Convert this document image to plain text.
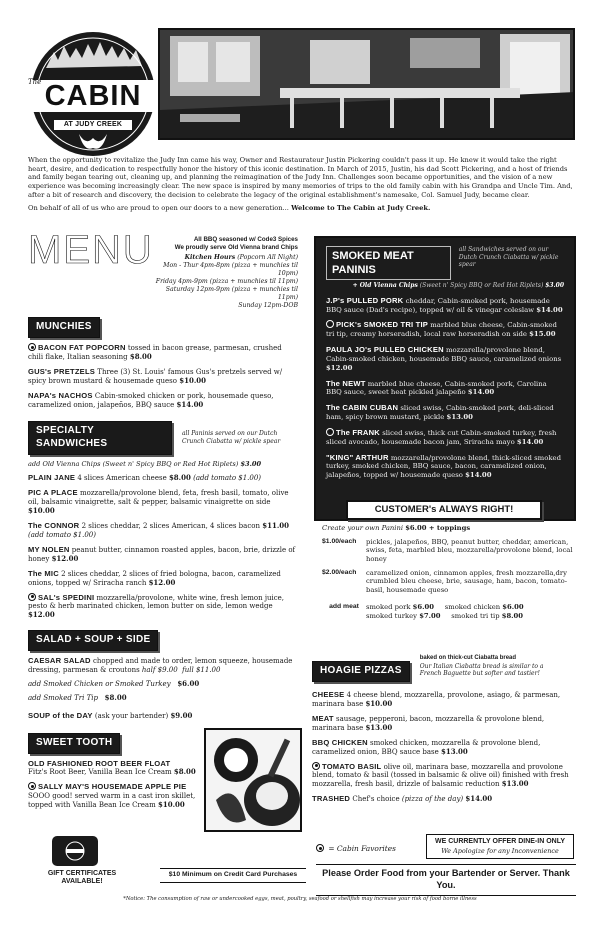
CABIN
The
AT JUDY CREEK

When the opportunity to revitalize the Judy Inn came his way, Owner and Restaurateur Justin Pickering couldn't pass it up. He knew it would take the right heart, desire, and dedication to respectfully honor the history of this iconic destination. In March of 2015, Justin, his dad Scott Pickering, and a host of friends and family began tearing out, cleaning up, and planning the reimagination of the Judy Inn. Challenges soon became opportunities, and the vision of a new experience was becoming increasingly clear. The new space is inspired by many memories of trips to the old family cabin with his Grandpa and Uncle Tim. And, after a bit of research and discovery, the decision to celebrate the legacy of the original establishment's namesake, Col. Samuel Judy, became clear.

On behalf of all of us who are proud to open our doors to a new generation... Welcome to The Cabin at Judy Creek.

MENU	All BBQ seasoned w/ Code3 Spices
We proudly serve Old Vienna brand Chips
Kitchen Hours (Popcorn All Night)
Mon - Thur 4pm-8pm (pizza + munchies til 10pm)
Friday 4pm-9pm (pizza + munchies til 11pm)
Saturday 12pm-9pm (pizza + munchies til 11pm)
Sunday 12pm-DOB
MUNCHIES
BACON FAT POPCORN tossed in bacon grease, parmesan, crushed chili flake, Italian seasoning $8.00
GUS's PRETZELS Three (3) St. Louis' famous Gus's pretzels served w/ spicy brown mustard & housemade queso $10.00
NAPA's NACHOS Cabin-smoked chicken or pork, housemade queso, caramelized onion, jalapeños, BBQ sauce $14.00
SPECIALTY SANDWICHES
all Paninis served on our Dutch Crunch Ciabatta w/ pickle spear
add Old Vienna Chips (Sweet n' Spicy BBQ or Red Hot Riplets) $3.00
PLAIN JANE 4 slices American cheese $8.00 (add tomato $1.00)
PIC A PLACE mozzarella/provolone blend, feta, fresh basil, tomato, olive oil, balsamic vinaigrette, salt & pepper, balsamic vinaigrette on side $10.00
The CONNOR 2 slices cheddar, 2 slices American, 4 slices bacon $11.00 (add tomato $1.00)
MY NOLEN peanut butter, cinnamon roasted apples, bacon, brie, drizzle of honey $12.00
The MIC 2 slices cheddar, 2 slices of fried bologna, bacon, caramelized onions, topped w/ Sriracha ranch $12.00
SAL's SPEDINI mozzarella/provolone, white wine, fresh lemon juice, pesto & herb marinated chicken, lemon butter on side, lemon wedge $12.00
SALAD + SOUP + SIDE
CAESAR SALAD chopped and made to order, lemon squeeze, housemade dressing, parmesan & croutons half $9.00 full $11.00
add Smoked Chicken or Smoked Turkey $6.00
add Smoked Tri Tip $8.00
SOUP of the DAY (ask your bartender) $9.00
SWEET TOOTH
OLD FASHIONED ROOT BEER FLOAT
Fitz's Root Beer, Vanilla Bean Ice Cream $8.00
SALLY MAY'S HOUSEMADE APPLE PIE
SOOO good! served warm in a cast iron skillet, topped with Vanilla Bean Ice Cream $10.00
SMOKED MEAT PANINIS
all Sandwiches served on our Dutch Crunch Ciabatta w/ pickle spear
+ Old Vienna Chips (Sweet n' Spicy BBQ or Red Hot Riplets) $3.00
J.P's PULLED PORK cheddar, Cabin-smoked pork, housemade BBQ sauce (Dad's recipe), topped w/ oil & vinegar coleslaw $14.00
PICK's SMOKED TRI TIP marbled blue cheese, Cabin-smoked tri tip, creamy horseradish, local raw horseradish on side $15.00
PAULA JO's PULLED CHICKEN mozzarella/provolone blend, Cabin-smoked chicken, housemade BBQ sauce, caramelized onions $12.00
The NEWT marbled blue cheese, Cabin-smoked pork, Carolina BBQ sauce, sweet heat pickled jalapeño $14.00
The CABIN CUBAN sliced swiss, Cabin-smoked pork, deli-sliced ham, spicy brown mustard, pickle $13.00
The FRANK sliced swiss, thick cut Cabin-smoked turkey, fresh sliced avocado, housemade bacon jam, Sriracha mayo $14.00
"KING" ARTHUR mozzarella/provolone blend, thick-sliced smoked turkey, smoked chicken, BBQ sauce, bacon, caramelized onion, jalapeños, topped w/ housemade queso $14.00
CUSTOMER's ALWAYS RIGHT!
Create your own Panini $6.00 + toppings
$1.00/each	pickles, jalapeños, BBQ, peanut butter, cheddar, american, swiss, feta, marbled bleu, mozzarella/provolone blend, local honey
$2.00/each	caramelized onion, cinnamon apples, fresh mozzarella,dry crumbled bleu cheese, brie, sausage, ham, bacon, tomato-basil, housemade queso
add meat	smoked pork $6.00 smoked chicken $6.00
smoked turkey $7.00 smoked tri tip $8.00
HOAGIE PIZZAS
baked on thick-cut Ciabatta bread
Our Italian Ciabatta bread is similar to a French Baguette but softer and tastier!
CHEESE 4 cheese blend, mozzarella, provolone, asiago, & parmesan, marinara base $10.00
MEAT sausage, pepperoni, bacon, mozzarella & provolone blend, marinara base $13.00
BBQ CHICKEN smoked chicken, mozzarella & provolone blend, caramelized onion, BBQ sauce base $13.00
TOMATO BASIL olive oil, marinara base, mozzarella and provolone blend, tomato & basil (tossed in balsamic & olive oil) finished with fresh mozzarella, fresh basil, drizzle of balsamic reduction $13.00
TRASHED Chef's choice (pizza of the day) $14.00
GIFT CERTIFICATES AVAILABLE!
$10 Minimum on Credit Card Purchases
= Cabin Favorites
WE CURRENTLY OFFER DINE-IN ONLY
We Apologize for any Inconvenience
Please Order Food from your Bartender or Server. Thank You.
*Notice: The consumption of raw or undercooked eggs, meat, poultry, seafood or shellfish may increase your risk of food borne illness
